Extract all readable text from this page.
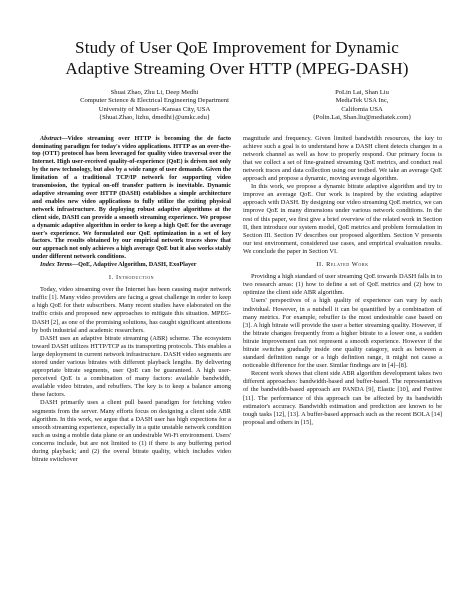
Study of User QoE Improvement for Dynamic
Adaptive Streaming Over HTTP (MPEG-DASH)
Shuai Zhao, Zhu Li, Deep Medhi
Computer Science & Electrical Engineering Department
University of Missouri–Kansas City, USA
{Shuai.Zhao, lizhu, dmedhi}@umkc.edu}
PoLin Lai, Shan Liu
MediaTek USA Inc,
California USA
{Polin.Lai, Shan.liu@mediatek.com}

Abstract—Video streaming over HTTP is becoming the de facto dominating paradigm for today's video applications. HTTP as an over-the-top (OTT) protocol has been leveraged for quality video traversal over the Internet. High user-received quality-of-experience (QoE) is driven not only by the new technology, but also by a wide range of user demands. Given the limitation of a traditional TCP/IP network for supporting video transmission, the typical on-off transfer pattern is inevitable. Dynamic adaptive streaming over HTTP (DASH) establishes a simple architecture and enables new video applications to fully utilize the exiting physical network infrastructure. By deploying robust adaptive algorithms at the client side, DASH can provide a smooth streaming experience. We propose a dynamic adaptive algorithm in order to keep a high QoE for the average user's experience. We formulated our QoE optimization in a set of key factors. The results obtained by our empirical network traces show that our approach not only achieves a high average QoE but it also works stably under different network conditions.

Index Terms—QoE, Adaptive Algorithm, DASH, ExoPlayer

I. Introduction

Today, video streaming over the Internet has been causing major network traffic [1]. Many video providers are facing a great challenge in order to keep a high QoE for their subscribers. Many recent studies have elaborated on the traffic crisis and proposed new approaches to mitigate this situation. MPEG-DASH [2], as one of the promising solutions, has caught significant attentions by both industrial and academic researchers.

DASH uses an adaptive bitrate streaming (ABR) scheme. The ecosystem toward DASH utilizes HTTP/TCP as its transporting protocols. This enables a large deployment in current network infrastructure. DASH video segments are stored under various bitrates with different playback lengths. By delivering appropriate bitrate segments, user QoE can be guaranteed. A high user-perceived QoE is a combination of many factors: available bandwidth, available video bitrates, and rebuffers. The key is to keep a balance among these factors.

DASH primarily uses a client pull based paradigm for fetching video segments from the server. Many efforts focus on designing a client side ABR algorithm. In this work, we argue that a DASH user has high expections for a smooth streaming experience, especially in a quite unstable network condition such as using a mobile data plane or an undesirable Wi-Fi environment. Users' concerns include, but are not limited to (1) if there is any buffering period during playback; and (2) the overal bitrate quality, which includes video bitrate switchover

magnitude and frequency. Given limited bandwidth resources, the key to achieve such a goal is to understand how a DASH client detects changes in a network channel as well as how to properly respond. Our primary focus is that we collect a set of fine-grained streaming QoE metrics, and conduct real network traces and data collection using our testbed. We take an average QoE approach and propose a dynamic, moving average algorithm.

In this work, we propose a dynamic bitrate adaptive algorithm and try to improve an average QoE. Our work is inspired by the existing adaptive approach with DASH. By designing our video streaming QoE metrics, we can improve QoE in many dimensions under various network conditions. In the rest of this paper, we first give a brief overview of the related work in Section II, then introduce our system model, QoE metrics and problem formulation in Section III. Section IV describes our proposed algorithm. Section V presents our test environment, considered use cases, and empirical evaluation results. We conclude the paper in Section VI.

II. Related Work

Providing a high standard of user streaming QoE towards DASH falls in to two research areas: (1) how to define a set of QoE metrics and (2) how to optimize the client side ABR algorithm.

Users' perspectives of a high quality of experience can vary by each individual. However, in a nutshell it can be quantified by a combination of many metrics. For example, rebuffer is the most undesirable case based on [3]. A high bitrate will provide the user a better streaming quality. However, if the bitrate changes frequently from a higher bitrate to a lower one, a sudden bitrate improvement can not represent a smooth experience. However if the bitrate switches gradually inside one quality catagory, such as between a standard definition range or a high defintion range, it might not cause a noticeable difference for the user. Similar findings are in [4]–[8].

Recent work shows that client side ABR algorithm development takes two different approaches: bandwidth-based and buffer-based. The representatives of the bandwidth-based approach are PANDA [9], Elastic [10], and Festive [11]. The performance of this approach can be affected by its bandwidth estimator's accuracy. Bandwidth estimation and prediction are known to be tough tasks [12], [13]. A buffer-based approach such as the recent BOLA [14] proposal and others in [15],
